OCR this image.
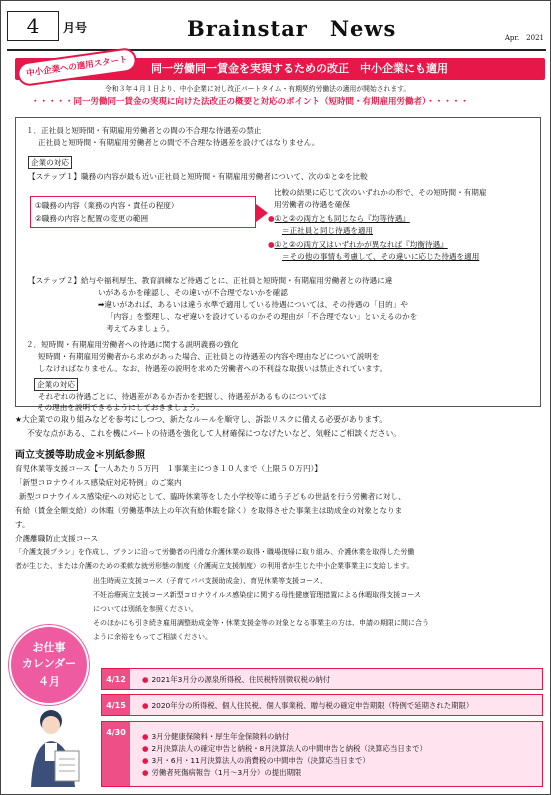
4	月号	Brainstar　News	Apr.　2021
同一労働同一賃金を実現するための改正　中小企業にも適用
中小企業への適用スタート
令和３年４月１日より、中小企業に対し改正パートタイム・有期契約労働法の適用が開始されます。
・・・・・同一労働同一賃金の実現に向けた法改正の概要と対応のポイント（短時間・有期雇用労働者）・・・・・
１．正社員と短時間・有期雇用労働者との間の不合理な待遇差の禁止
正社員と短時間・有期雇用労働者との間で不合理な待遇差を設けてはなりません。
企業の対応
【ステップ１】職務の内容が最も近い正社員と短時間・有期雇用労働者について、次の①と②を比較
①職務の内容（業務の内容・責任の程度）
②職務の内容と配置の変更の範囲
比較の結果に応じて次のいずれかの形で、その短時間・有期雇
用労働者の待遇を確保
●①と②の両方とも同じなら『均等待遇』
＝正社員と同じ待遇を適用
●①と②の両方又はいずれかが異なれば『均衡待遇』
＝その他の事情も考慮して、その違いに応じた待遇を適用
【ステップ２】給与や福利厚生、教育訓練など待遇ごとに、正社員と短時間・有期雇用労働者との待遇に違
いがあるかを確認し、その違いが不合理でないかを確認
➡違いがあれば、あるいは違う水準で適用している待遇については、その待遇の「目的」や
「内容」を整理し、なぜ違いを設けているのかその理由が「不合理でない」といえるのかを
考えてみましょう。
２．短時間・有期雇用労働者への待遇に関する説明義務の強化
短時間・有期雇用労働者から求めがあった場合、正社員との待遇差の内容や理由などについて説明を
しなければなりません。なお、待遇差の説明を求めた労働者への不利益な取扱いは禁止されています。
企業の対応
それぞれの待遇ごとに、待遇差があるか否かを把握し、待遇差があるものについては
その理由を説明できるようにしておきましょう。
★大企業での取り組みなどを参考にしつつ、新たなルールを順守し、訴訟リスクに備える必要があります。
不安な点がある、これを機にパートの待遇を強化して人材確保につなげたいなど、気軽にご相談ください。
両立支援等助成金＊別紙参照
育児休業等支援コース【一人あたり５万円　１事業主につき１０人まで（上限５０万円）】
「新型コロナウイルス感染症対応特例」のご案内
新型コロナウイルス感染症への対応として、臨時休業等をした小学校等に通う子どもの世話を行う労働者に対し、
有給（賃金全額支給）の休暇（労働基準法上の年次有給休暇を除く）を取得させた事業主は助成金の対象となりま
す。
介護離職防止支援コース
「介護支援プラン」を作成し、プランに沿って労働者の円滑な介護休業の取得・職場復帰に取り組み、介護休業を取得した労働
者が生じた、または介護のための柔軟な就労形態の制度（介護両立支援制度）の利用者が生じた中小企業事業主に支給します。
出生時両立支援コース（子育てパパ支援助成金）、育児休業等支援コース、
不妊治療両立支援コース新型コロナウイルス感染症に関する母性健康管理措置による休暇取得支援コース
については別紙を参照ください。
そのほかにも引き続き雇用調整助成金等・休業支援金等の対象となる事業主の方は、申請の期限に間に合う
ように余裕をもってご相談ください。
お仕事
カレンダー
４月	4/12	● 2021年3月分の源泉所得税、住民税特別徴収税の納付
4/15	● 2020年分の所得税、個人住民税、個人事業税、贈与税の確定申告期限（特例で延期された期限）
4/30	● 3月分健康保険料・厚生年金保険料の納付
● 2月決算法人の確定申告と納税・8月決算法人の中間申告と納税（決算応当日まで）
● 3月・6月・11月決算法人の消費税の中間申告（決算応当日まで）
● 労働者死傷病報告（1月～3月分）の提出期限
